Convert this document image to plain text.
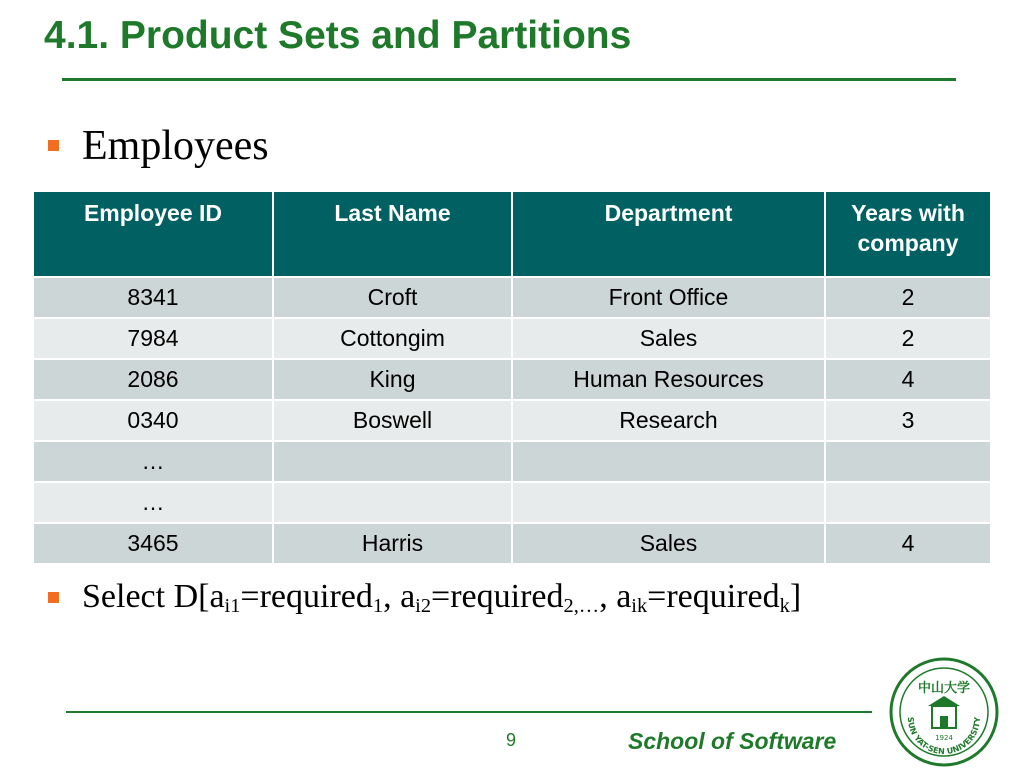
4.1. Product Sets and Partitions
Employees
Employee ID	Last Name	Department	Years with company
8341	Croft	Front Office	2
7984	Cottongim	Sales	2
2086	King	Human Resources	4
0340	Boswell	Research	3
…			
…			
3465	Harris	Sales	4
Select $D[a_{i1}=required_1$, $a_{i2}=required_{2,\dots}$, $a_{ik}=required_k$]
9	School of Software
中山大学
SUN YAT-SEN UNIVERSITY
1924
